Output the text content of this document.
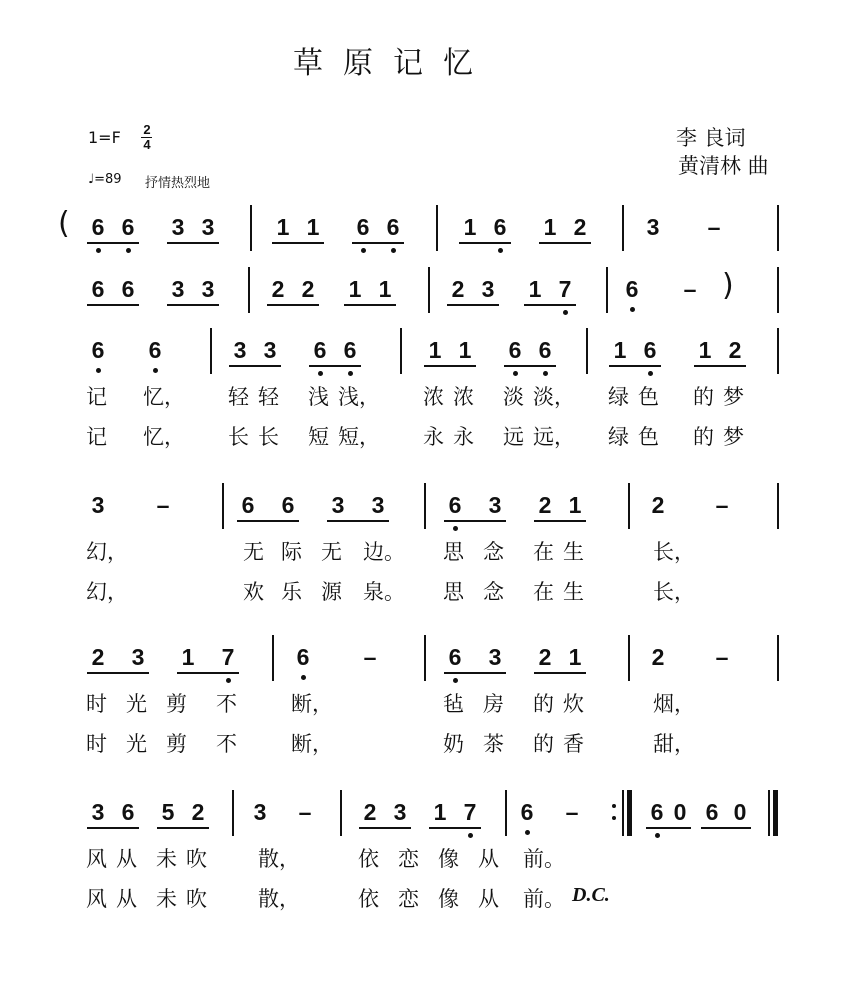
草原记忆
李 良词
黄清林 曲
1=F 2
4
♩=89 抒情热烈地
6 6 3 3	1 1 6 6	1 6 1 2	3 –
6 6 3 3 2 2 1 1	2 3 1 7 6 –
6 6	3 3 6 6	1 1 6 6	1 6 1 2
记	忆， 轻 轻	浅 浅， 浓 浓	淡 淡， 绿 色	的 梦
记	忆， 长 长	短 短， 永 永	远 远， 绿 色	的 梦
3 –	6 6 3 3	6 3 2 1	2 –
幻，	无 际 无	边。 思 念	在 生	长，
幻，	欢 乐 源	泉。 思 念	在 生	长，
2 3 1 7	6 –	6 3 2 1	2 –
时 光 剪	不	断，	毡 房	的 炊	烟，
时 光 剪	不	断，	奶 茶	的 香	甜，
3 6 5 2 3 – 2 3 1 7 6 –	6 0 6 0
风 从 未 吹	散，	依 恋 像 从	前。
风 从 未 吹	散，	依 恋 像 从	前。
(
)
D.C.
